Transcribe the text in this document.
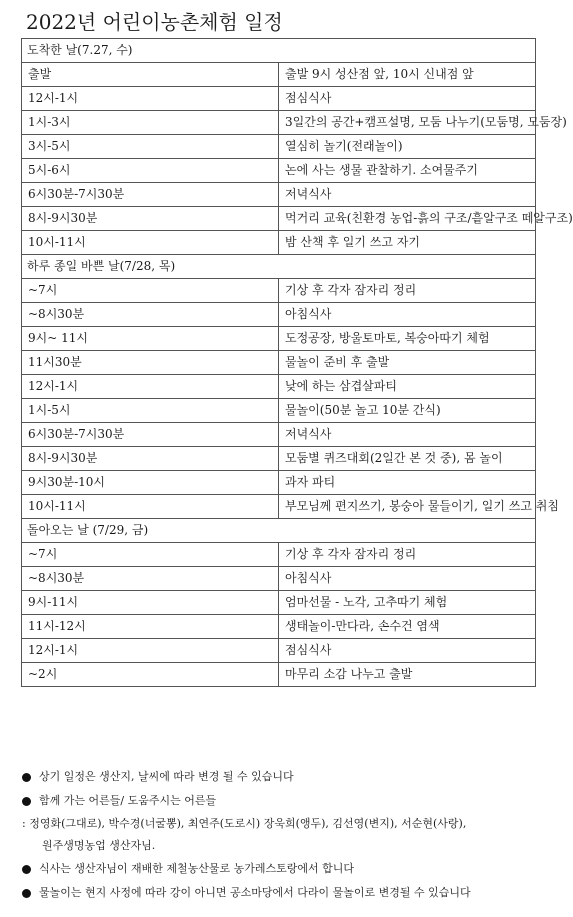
2022년 어린이농촌체험 일정
도착한 날(7.27, 수)	
출발	출발 9시 성산점 앞, 10시 신내점 앞
12시-1시	점심식사
1시-3시	3일간의 공간+캠프설명, 모둠 나누기(모둠명, 모둠장)
3시-5시	열심히 놀기(전래놀이)
5시-6시	논에 사는 생물 관찰하기. 소여물주기
6시30분-7시30분	저녁식사
8시-9시30분	먹거리 교육(친환경 농업-흙의 구조/흩알구조 떼알구조)
10시-11시	밤 산책 후 일기 쓰고 자기
하루 종일 바쁜 날(7/28, 목)	
~7시	기상 후 각자 잠자리 정리
~8시30분	아침식사
9시~ 11시	도정공장, 방울토마토, 복숭아따기 체험
11시30분	물놀이 준비 후 출발
12시-1시	낮에 하는 삼겹살파티
1시-5시	물놀이(50분 놀고 10분 간식)
6시30분-7시30분	저녁식사
8시-9시30분	모둠별 퀴즈대회(2일간 본 것 중), 몸 놀이
9시30분-10시	과자 파티
10시-11시	부모님께 편지쓰기, 봉숭아 물들이기, 일기 쓰고 취침
돌아오는 날 (7/29, 금)	
~7시	기상 후 각자 잠자리 정리
~8시30분	아침식사
9시-11시	엄마선물 - 노각, 고추따기 체험
11시-12시	생태놀이-만다라, 손수건 염색
12시-1시	점심식사
~2시	마무리 소감 나누고 출발
상기 일정은 생산지, 날씨에 따라 변경 될 수 있습니다
함께 가는 어른들/ 도움주시는 어른들
: 정영화(그대로), 박수경(너굴뽕), 최연주(도로시) 장욱희(앵두), 김선영(변지), 서순현(사랑),
원주생명농업 생산자님.
식사는 생산자님이 재배한 제철농산물로 농가레스토랑에서 합니다
물놀이는 현지 사정에 따라 강이 아니면 공소마당에서 다라이 물놀이로 변경될 수 있습니다
